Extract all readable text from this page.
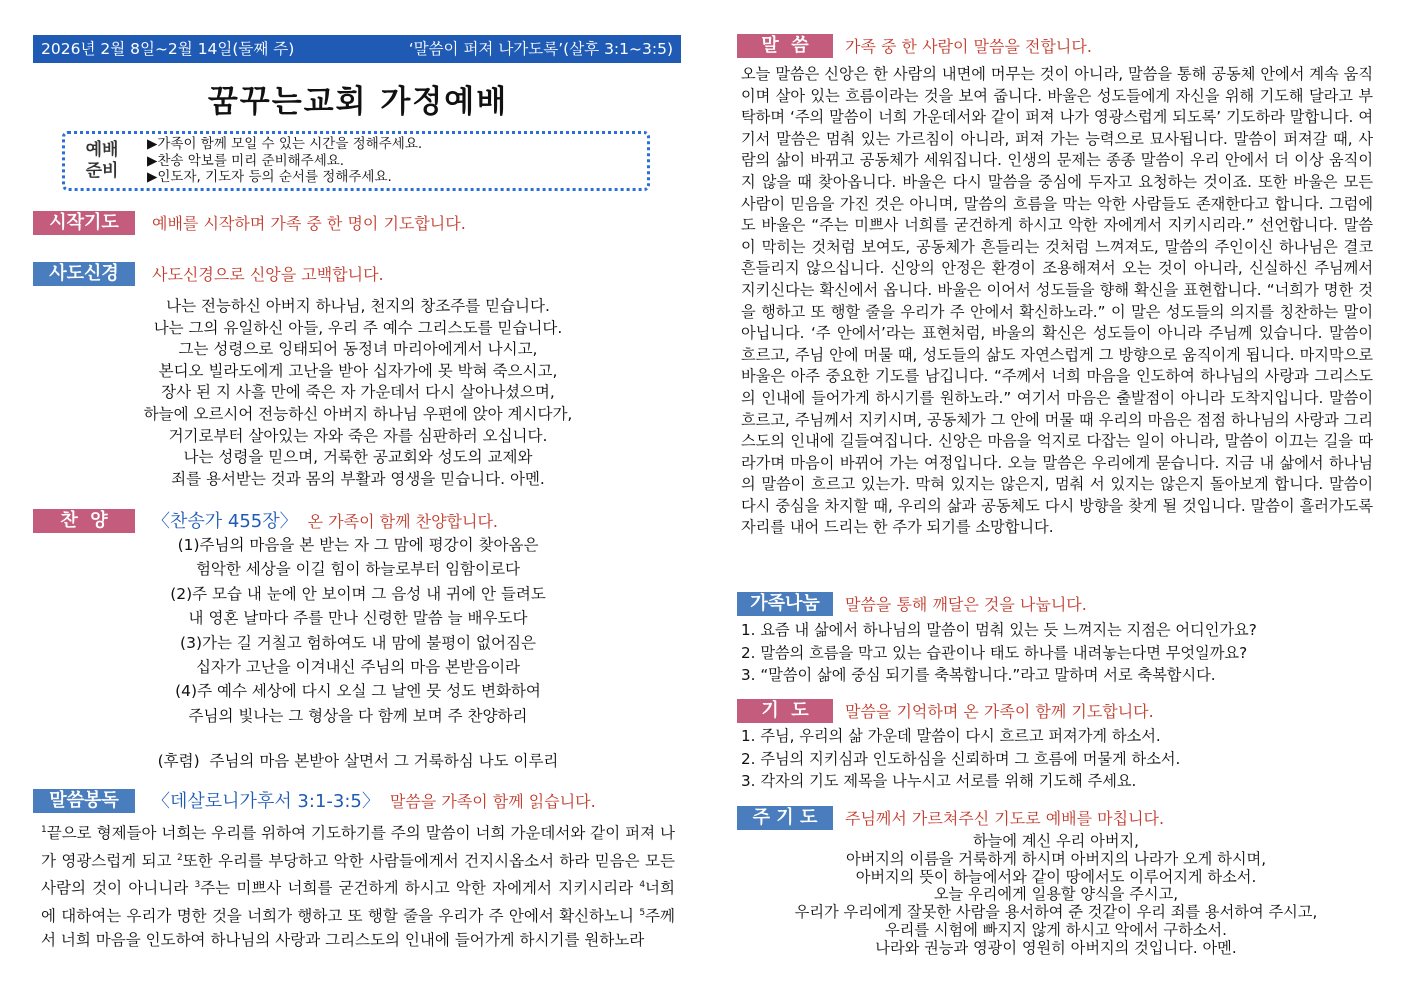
2026년 2월 8일~2월 14일(둘째 주)	‘말씀이 퍼져 나가도록’(살후 3:1~3:5)
꿈꾸는교회 가정예배
예배
준비
▶가족이 함께 모일 수 있는 시간을 정해주세요.
▶찬송 악보를 미리 준비해주세요.
▶인도자, 기도자 등의 순서를 정해주세요.
시작기도	예배를 시작하며 가족 중 한 명이 기도합니다.
사도신경	사도신경으로 신앙을 고백합니다.
나는 전능하신 아버지 하나님, 천지의 창조주를 믿습니다.
나는 그의 유일하신 아들, 우리 주 예수 그리스도를 믿습니다.
그는 성령으로 잉태되어 동정녀 마리아에게서 나시고,
본디오 빌라도에게 고난을 받아 십자가에 못 박혀 죽으시고,
장사 된 지 사흘 만에 죽은 자 가운데서 다시 살아나셨으며,
하늘에 오르시어 전능하신 아버지 하나님 우편에 앉아 계시다가,
거기로부터 살아있는 자와 죽은 자를 심판하러 오십니다.
나는 성령을 믿으며, 거룩한 공교회와 성도의 교제와
죄를 용서받는 것과 몸의 부활과 영생을 믿습니다. 아멘.
찬  양	〈찬송가 455장〉 온 가족이 함께 찬양합니다.
(1)주님의 마음을 본 받는 자 그 맘에 평강이 찾아옴은
험악한 세상을 이길 힘이 하늘로부터 임함이로다
(2)주 모습 내 눈에 안 보이며 그 음성 내 귀에 안 들려도
내 영혼 날마다 주를 만나 신령한 말씀 늘 배우도다
(3)가는 길 거칠고 험하여도 내 맘에 불평이 없어짐은
십자가 고난을 이겨내신 주님의 마음 본받음이라
(4)주 예수 세상에 다시 오실 그 날엔 뭇 성도 변화하여
주님의 빛나는 그 형상을 다 함께 보며 주 찬양하리
(후렴)  주님의 마음 본받아 살면서 그 거룩하심 나도 이루리
말씀봉독	〈데살로니가후서 3:1-3:5〉 말씀을 가족이 함께 읽습니다.
$^1$끝으로 형제들아 너희는 우리를 위하여 기도하기를 주의 말씀이 너희 가운데서와 같이 퍼져 나가 영광스럽게 되고 $^2$또한 우리를 부당하고 악한 사람들에게서 건지시옵소서 하라 믿음은 모든 사람의 것이 아니니라 $^3$주는 미쁘사 너희를 굳건하게 하시고 악한 자에게서 지키시리라 $^4$너희에 대하여는 우리가 명한 것을 너희가 행하고 또 행할 줄을 우리가 주 안에서 확신하노니 $^5$주께서 너희 마음을 인도하여 하나님의 사랑과 그리스도의 인내에 들어가게 하시기를 원하노라
말  씀	가족 중 한 사람이 말씀을 전합니다.
오늘 말씀은 신앙은 한 사람의 내면에 머무는 것이 아니라, 말씀을 통해 공동체 안에서 계속 움직이며 살아 있는 흐름이라는 것을 보여 줍니다. 바울은 성도들에게 자신을 위해 기도해 달라고 부탁하며 ‘주의 말씀이 너희 가운데서와 같이 퍼져 나가 영광스럽게 되도록’ 기도하라 말합니다. 여기서 말씀은 멈춰 있는 가르침이 아니라, 퍼져 가는 능력으로 묘사됩니다. 말씀이 퍼져갈 때, 사람의 삶이 바뀌고 공동체가 세워집니다. 인생의 문제는 종종 말씀이 우리 안에서 더 이상 움직이지 않을 때 찾아옵니다. 바울은 다시 말씀을 중심에 두자고 요청하는 것이죠. 또한 바울은 모든 사람이 믿음을 가진 것은 아니며, 말씀의 흐름을 막는 악한 사람들도 존재한다고 합니다. 그럼에도 바울은 “주는 미쁘사 너희를 굳건하게 하시고 악한 자에게서 지키시리라.” 선언합니다. 말씀이 막히는 것처럼 보여도, 공동체가 흔들리는 것처럼 느껴져도, 말씀의 주인이신 하나님은 결코 흔들리지 않으십니다. 신앙의 안정은 환경이 조용해져서 오는 것이 아니라, 신실하신 주님께서 지키신다는 확신에서 옵니다. 바울은 이어서 성도들을 향해 확신을 표현합니다. “너희가 명한 것을 행하고 또 행할 줄을 우리가 주 안에서 확신하노라.” 이 말은 성도들의 의지를 칭찬하는 말이 아닙니다. ‘주 안에서’라는 표현처럼, 바울의 확신은 성도들이 아니라 주님께 있습니다. 말씀이 흐르고, 주님 안에 머물 때, 성도들의 삶도 자연스럽게 그 방향으로 움직이게 됩니다. 마지막으로 바울은 아주 중요한 기도를 남깁니다. “주께서 너희 마음을 인도하여 하나님의 사랑과 그리스도의 인내에 들어가게 하시기를 원하노라.” 여기서 마음은 출발점이 아니라 도착지입니다. 말씀이 흐르고, 주님께서 지키시며, 공동체가 그 안에 머물 때 우리의 마음은 점점 하나님의 사랑과 그리스도의 인내에 길들여집니다. 신앙은 마음을 억지로 다잡는 일이 아니라, 말씀이 이끄는 길을 따라가며 마음이 바뀌어 가는 여정입니다. 오늘 말씀은 우리에게 묻습니다. 지금 내 삶에서 하나님의 말씀이 흐르고 있는가. 막혀 있지는 않은지, 멈춰 서 있지는 않은지 돌아보게 합니다. 말씀이 다시 중심을 차지할 때, 우리의 삶과 공동체도 다시 방향을 찾게 될 것입니다. 말씀이 흘러가도록 자리를 내어 드리는 한 주가 되기를 소망합니다.
가족나눔	말씀을 통해 깨달은 것을 나눕니다.
1. 요즘 내 삶에서 하나님의 말씀이 멈춰 있는 듯 느껴지는 지점은 어디인가요?
2. 말씀의 흐름을 막고 있는 습관이나 태도 하나를 내려놓는다면 무엇일까요?
3. “말씀이 삶에 중심 되기를 축복합니다.”라고 말하며 서로 축복합시다.
기  도	말씀을 기억하며 온 가족이 함께 기도합니다.
1. 주님, 우리의 삶 가운데 말씀이 다시 흐르고 퍼져가게 하소서.
2. 주님의 지키심과 인도하심을 신뢰하며 그 흐름에 머물게 하소서.
3. 각자의 기도 제목을 나누시고 서로를 위해 기도해 주세요.
주 기 도	주님께서 가르쳐주신 기도로 예배를 마칩니다.
하늘에 계신 우리 아버지,
아버지의 이름을 거룩하게 하시며 아버지의 나라가 오게 하시며,
아버지의 뜻이 하늘에서와 같이 땅에서도 이루어지게 하소서.
오늘 우리에게 일용할 양식을 주시고,
우리가 우리에게 잘못한 사람을 용서하여 준 것같이 우리 죄를 용서하여 주시고,
우리를 시험에 빠지지 않게 하시고 악에서 구하소서.
나라와 권능과 영광이 영원히 아버지의 것입니다. 아멘.
